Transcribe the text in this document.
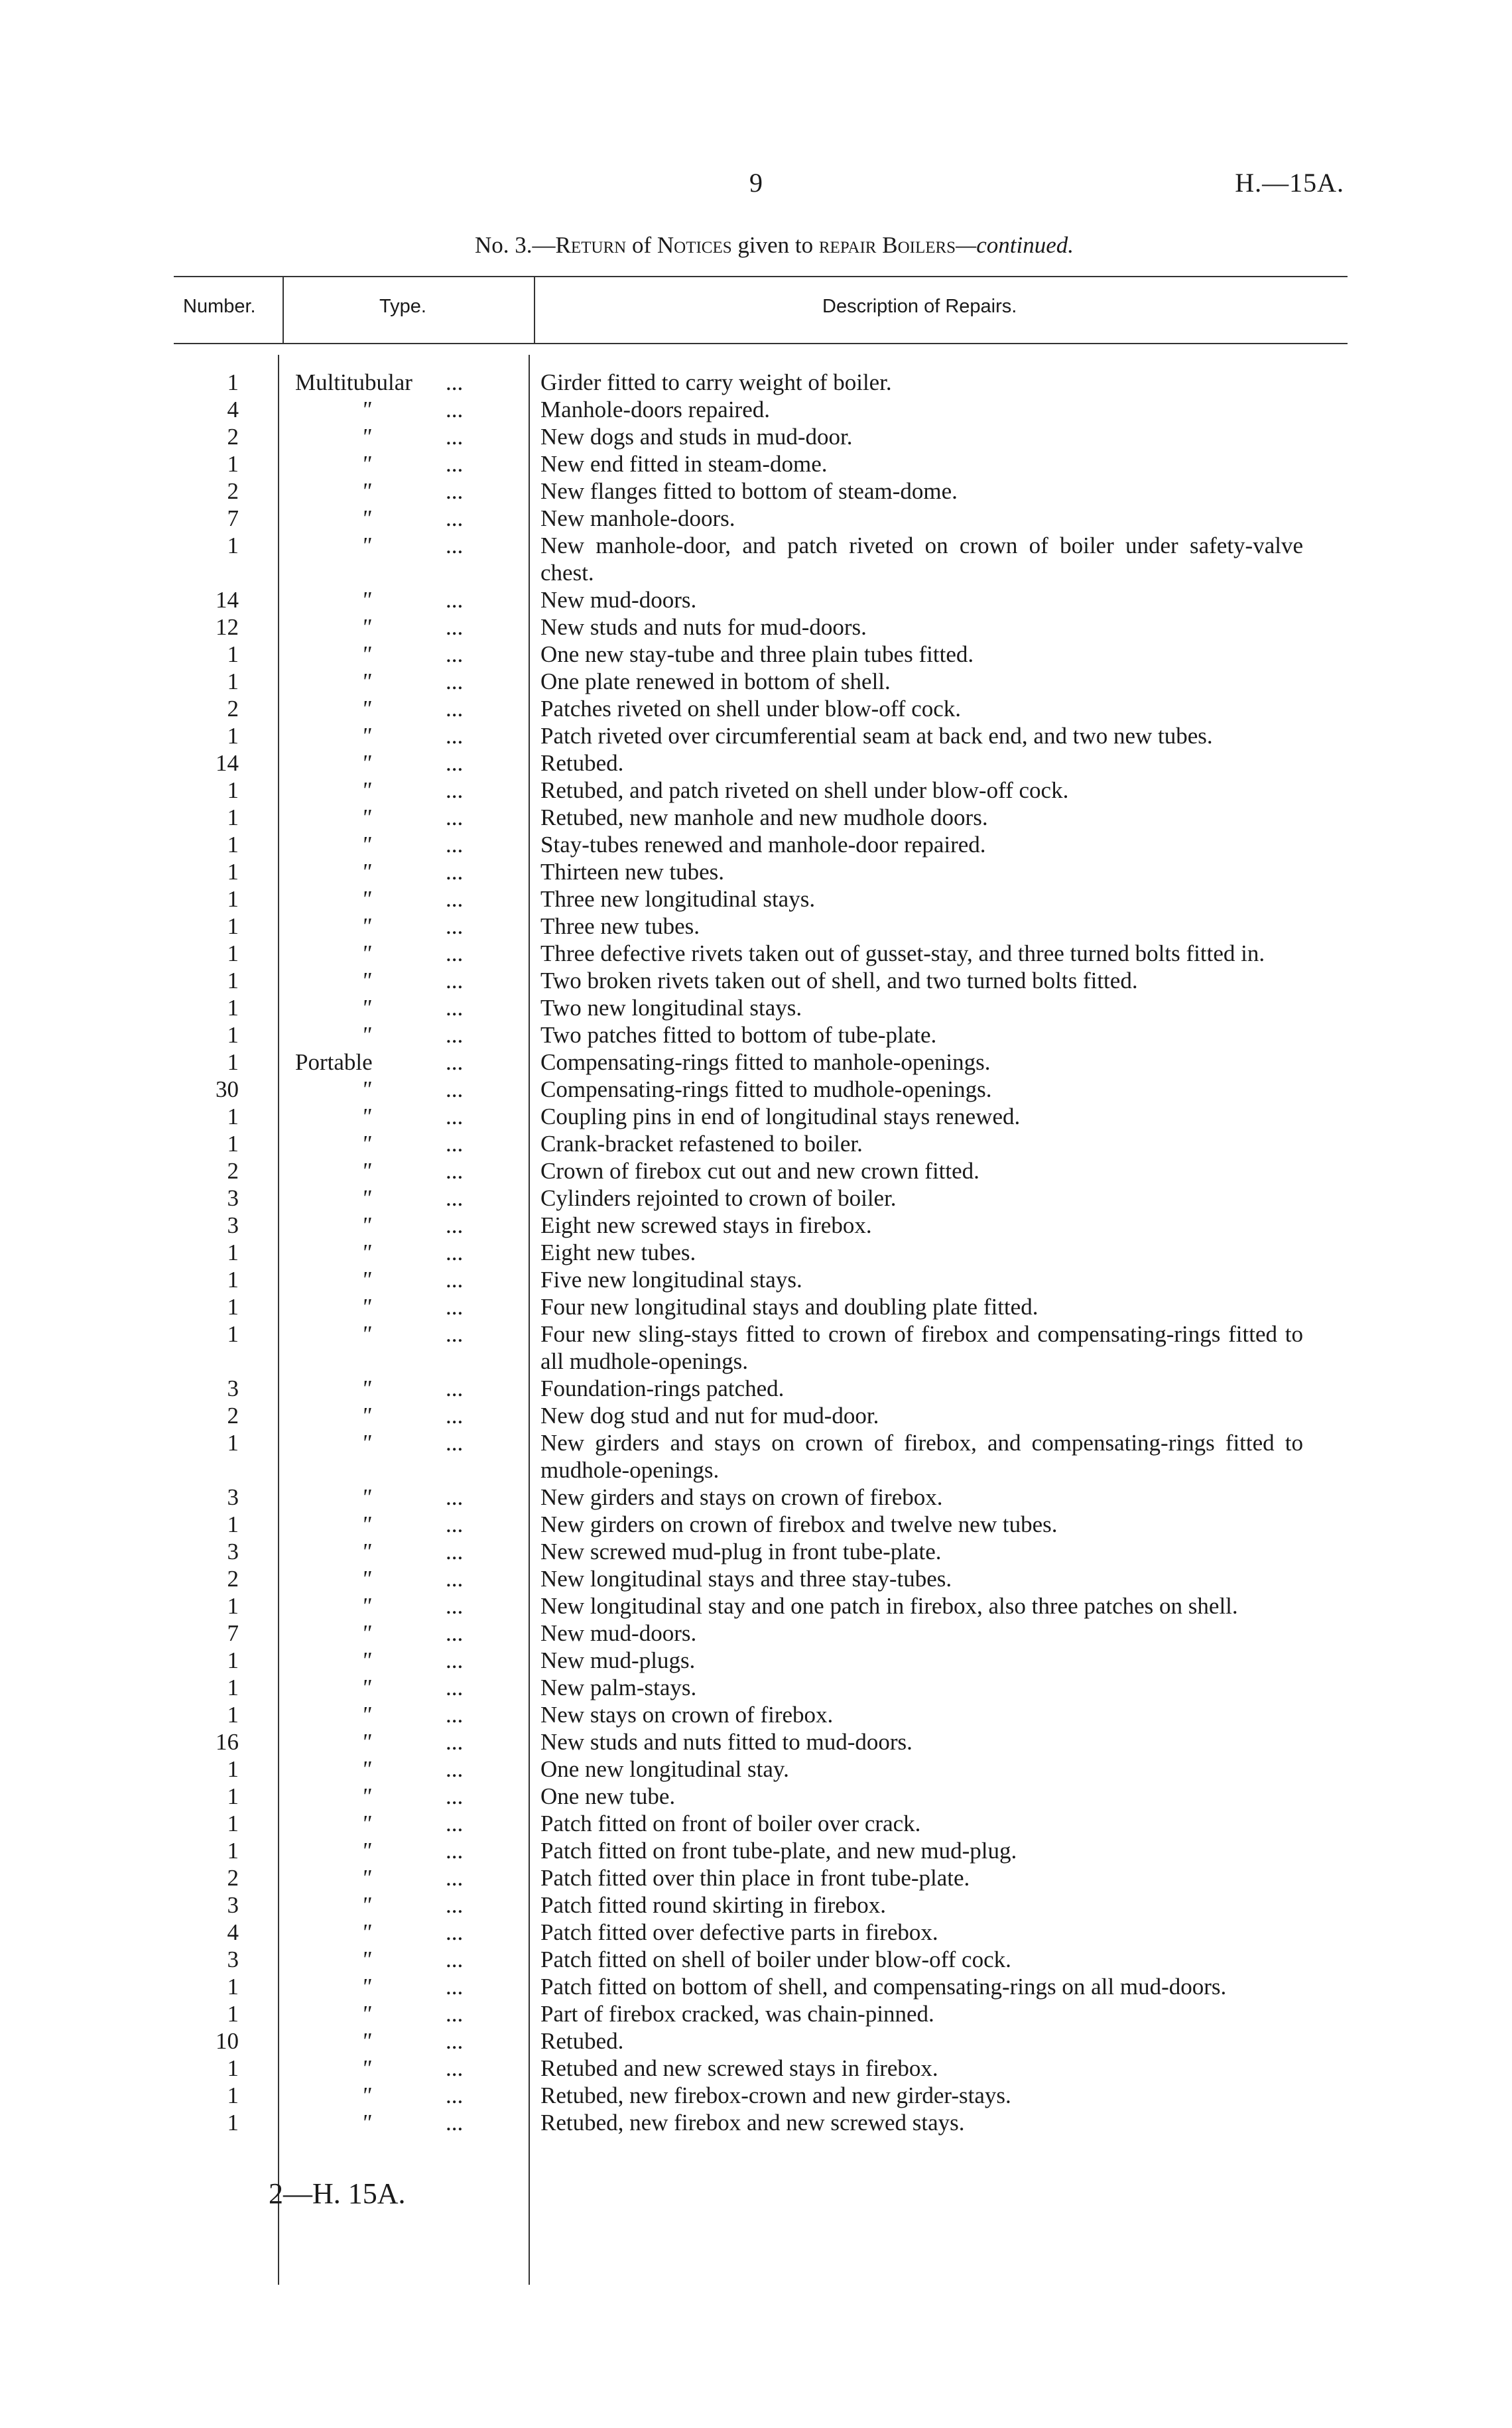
9	H.—15A.
No. 3.—Return of Notices given to repair Boilers—continued.
Number.	Type.	Description of Repairs.
1	Multitubular ...	Girder fitted to carry weight of boiler.
4	"	...	Manhole-doors repaired.
2	"	...	New dogs and studs in mud-door.
1	"	...	New end fitted in steam-dome.
2	"	...	New flanges fitted to bottom of steam-dome.
7	"	...	New manhole-doors.
1	"	...	New manhole-door, and patch riveted on crown of boiler under safety-valve chest.
14	"	...	New mud-doors.
12	"	...	New studs and nuts for mud-doors.
1	"	...	One new stay-tube and three plain tubes fitted.
1	"	...	One plate renewed in bottom of shell.
2	"	...	Patches riveted on shell under blow-off cock.
1	"	...	Patch riveted over circumferential seam at back end, and two new tubes.
14	"	...	Retubed.
1	"	...	Retubed, and patch riveted on shell under blow-off cock.
1	"	...	Retubed, new manhole and new mudhole doors.
1	"	...	Stay-tubes renewed and manhole-door repaired.
1	"	...	Thirteen new tubes.
1	"	...	Three new longitudinal stays.
1	"	...	Three new tubes.
1	"	...	Three defective rivets taken out of gusset-stay, and three turned bolts fitted in.
1	"	...	Two broken rivets taken out of shell, and two turned bolts fitted.
1	"	...	Two new longitudinal stays.
1	"	...	Two patches fitted to bottom of tube-plate.
1	Portable	...	Compensating-rings fitted to manhole-openings.
30	"	...	Compensating-rings fitted to mudhole-openings.
1	"	...	Coupling pins in end of longitudinal stays renewed.
1	"	...	Crank-bracket refastened to boiler.
2	"	...	Crown of firebox cut out and new crown fitted.
3	"	...	Cylinders rejointed to crown of boiler.
3	"	...	Eight new screwed stays in firebox.
1	"	...	Eight new tubes.
1	"	...	Five new longitudinal stays.
1	"	...	Four new longitudinal stays and doubling plate fitted.
1	"	...	Four new sling-stays fitted to crown of firebox and compensating-rings fitted to all mudhole-openings.
3	"	...	Foundation-rings patched.
2	"	...	New dog stud and nut for mud-door.
1	"	...	New girders and stays on crown of firebox, and compensating-rings fitted to mudhole-openings.
3	"	...	New girders and stays on crown of firebox.
1	"	...	New girders on crown of firebox and twelve new tubes.
3	"	...	New screwed mud-plug in front tube-plate.
2	"	...	New longitudinal stays and three stay-tubes.
1	"	...	New longitudinal stay and one patch in firebox, also three patches on shell.
7	"	...	New mud-doors.
1	"	...	New mud-plugs.
1	"	...	New palm-stays.
1	"	...	New stays on crown of firebox.
16	"	...	New studs and nuts fitted to mud-doors.
1	"	...	One new longitudinal stay.
1	"	...	One new tube.
1	"	...	Patch fitted on front of boiler over crack.
1	"	...	Patch fitted on front tube-plate, and new mud-plug.
2	"	...	Patch fitted over thin place in front tube-plate.
3	"	...	Patch fitted round skirting in firebox.
4	"	...	Patch fitted over defective parts in firebox.
3	"	...	Patch fitted on shell of boiler under blow-off cock.
1	"	...	Patch fitted on bottom of shell, and compensating-rings on all mud-doors.
1	"	...	Part of firebox cracked, was chain-pinned.
10	"	...	Retubed.
1	"	...	Retubed and new screwed stays in firebox.
1	"	...	Retubed, new firebox-crown and new girder-stays.
1	"	...	Retubed, new firebox and new screwed stays.
2—H. 15A.
